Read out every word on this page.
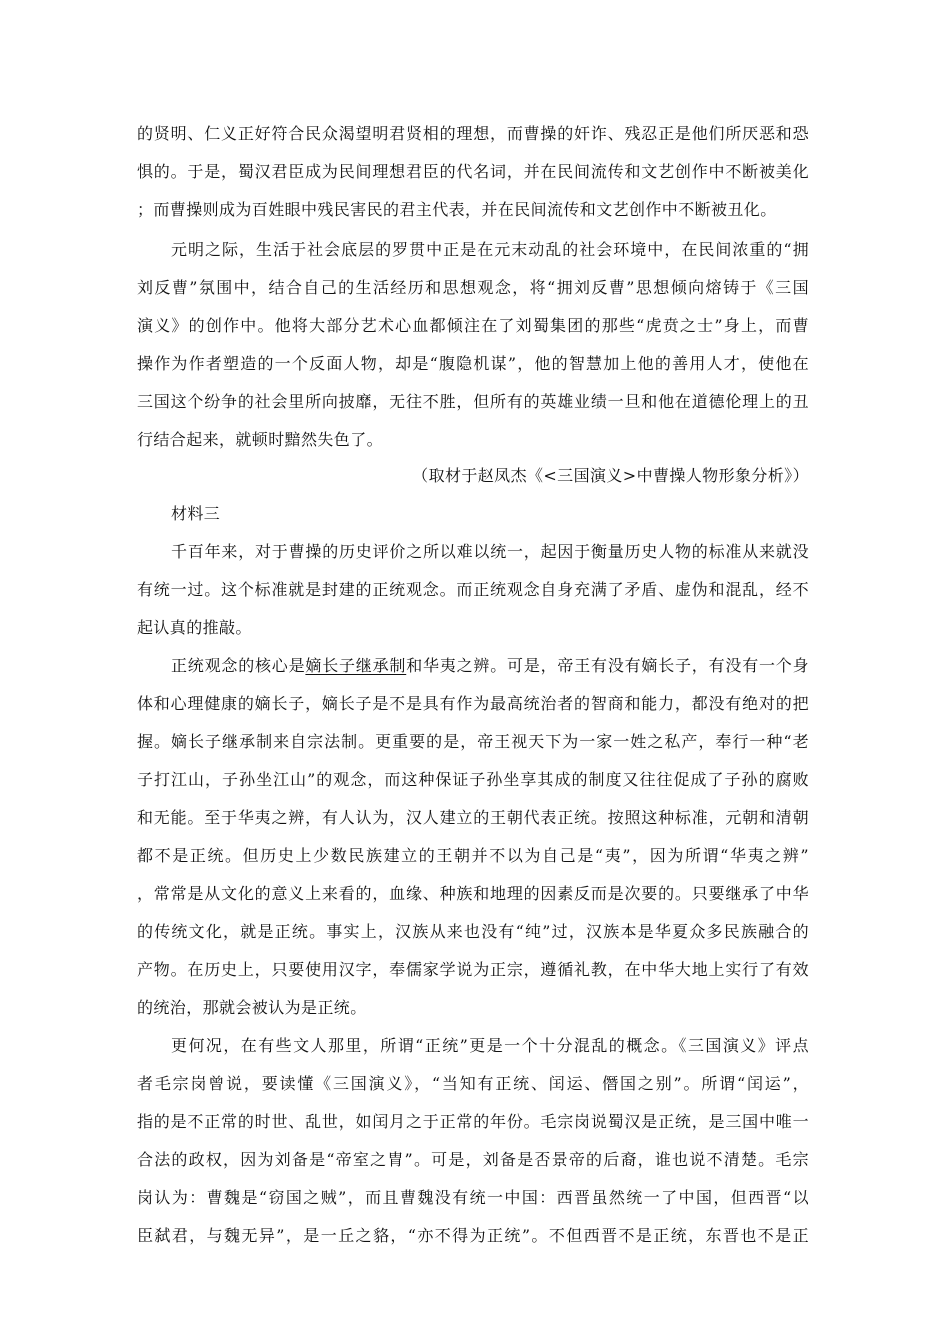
的贤明、仁义正好符合民众渴望明君贤相的理想，而曹操的奸诈、残忍正是他们所厌恶和恐
惧的。于是，蜀汉君臣成为民间理想君臣的代名词，并在民间流传和文艺创作中不断被美化
；而曹操则成为百姓眼中残民害民的君主代表，并在民间流传和文艺创作中不断被丑化。
元明之际，生活于社会底层的罗贯中正是在元末动乱的社会环境中，在民间浓重的“拥
刘反曹”氛围中，结合自己的生活经历和思想观念，将“拥刘反曹”思想倾向熔铸于《三国
演义》的创作中。他将大部分艺术心血都倾注在了刘蜀集团的那些“虎贲之士”身上，而曹
操作为作者塑造的一个反面人物，却是“腹隐机谋”，他的智慧加上他的善用人才，使他在
三国这个纷争的社会里所向披靡，无往不胜，但所有的英雄业绩一旦和他在道德伦理上的丑
行结合起来，就顿时黯然失色了。
（取材于赵凤杰《<三国演义>中曹操人物形象分析》）
材料三
千百年来，对于曹操的历史评价之所以难以统一，起因于衡量历史人物的标准从来就没
有统一过。这个标准就是封建的正统观念。而正统观念自身充满了矛盾、虚伪和混乱，经不
起认真的推敲。
正统观念的核心是嫡长子继承制和华夷之辨。可是，帝王有没有嫡长子，有没有一个身
体和心理健康的嫡长子，嫡长子是不是具有作为最高统治者的智商和能力，都没有绝对的把
握。嫡长子继承制来自宗法制。更重要的是，帝王视天下为一家一姓之私产，奉行一种“老
子打江山，子孙坐江山”的观念，而这种保证子孙坐享其成的制度又往往促成了子孙的腐败
和无能。至于华夷之辨，有人认为，汉人建立的王朝代表正统。按照这种标准，元朝和清朝
都不是正统。但历史上少数民族建立的王朝并不以为自己是“夷”，因为所谓“华夷之辨”
，常常是从文化的意义上来看的，血缘、种族和地理的因素反而是次要的。只要继承了中华
的传统文化，就是正统。事实上，汉族从来也没有“纯”过，汉族本是华夏众多民族融合的
产物。在历史上，只要使用汉字，奉儒家学说为正宗，遵循礼教，在中华大地上实行了有效
的统治，那就会被认为是正统。
更何况，在有些文人那里，所谓“正统”更是一个十分混乱的概念。《三国演义》评点
者毛宗岗曾说，要读懂《三国演义》，“当知有正统、闰运、僭国之别”。所谓“闰运”，
指的是不正常的时世、乱世，如闰月之于正常的年份。毛宗岗说蜀汉是正统，是三国中唯一
合法的政权，因为刘备是“帝室之胄”。可是，刘备是否景帝的后裔，谁也说不清楚。毛宗
岗认为：曹魏是“窃国之贼”，而且曹魏没有统一中国：西晋虽然统一了中国，但西晋“以
臣弑君，与魏无异”，是一丘之貉，“亦不得为正统”。不但西晋不是正统，东晋也不是正
